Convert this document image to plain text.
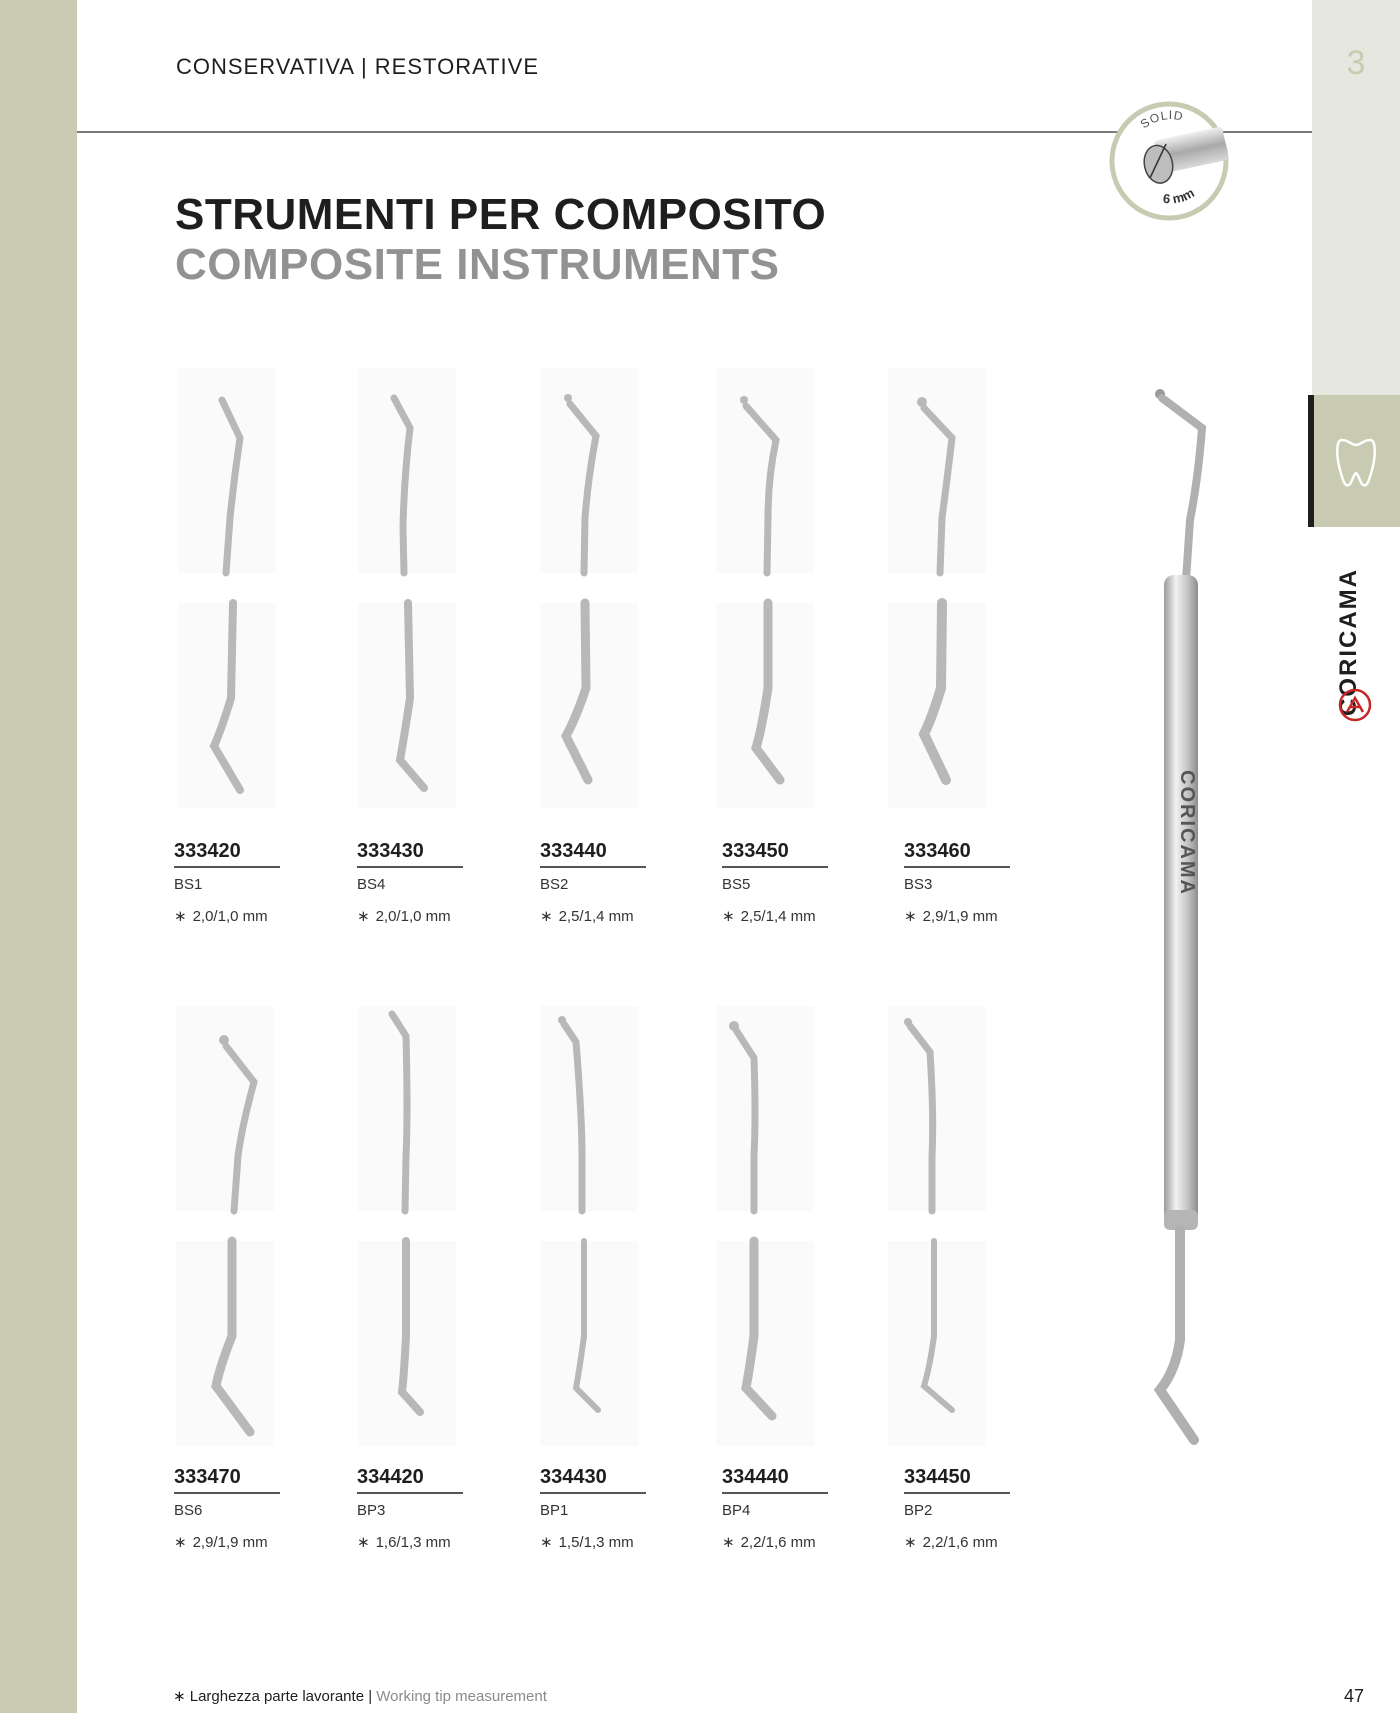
3
CORICAMA
CONSERVATIVA | RESTORATIVE
STRUMENTI PER COMPOSITO
COMPOSITE INSTRUMENTS
SOLID
6 mm
333420
BS1
∗ 2,0/1,0 mm
333430
BS4
∗ 2,0/1,0 mm
333440
BS2
∗ 2,5/1,4 mm
333450
BS5
∗ 2,5/1,4 mm
333460
BS3
∗ 2,9/1,9 mm
333470
BS6
∗ 2,9/1,9 mm
334420
BP3
∗ 1,6/1,3 mm
334430
BP1
∗ 1,5/1,3 mm
334440
BP4
∗ 2,2/1,6 mm
334450
BP2
∗ 2,2/1,6 mm
CORICAMA
∗ Larghezza parte lavorante | Working tip measurement	47
